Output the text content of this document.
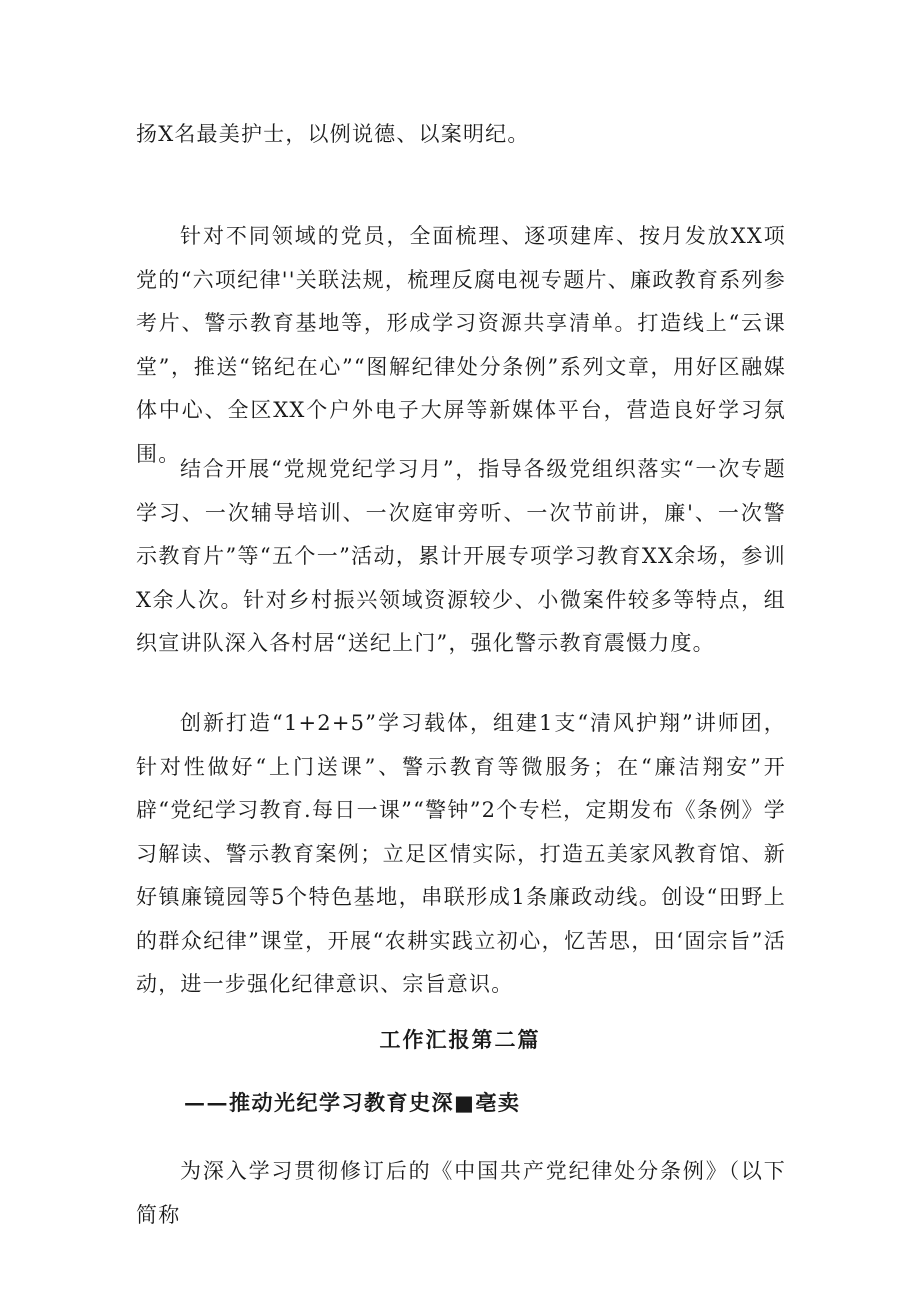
扬X名最美护士，以例说德、以案明纪。

针对不同领域的党员，全面梳理、逐项建库、按月发放XX项党的“六项纪律''关联法规，梳理反腐电视专题片、廉政教育系列参考片、警示教育基地等，形成学习资源共享清单。打造线上“云课堂”，推送“铭纪在心”“图解纪律处分条例”系列文章，用好区融媒体中心、全区XX个户外电子大屏等新媒体平台，营造良好学习氛围。

结合开展“党规党纪学习月”，指导各级党组织落实“一次专题学习、一次辅导培训、一次庭审旁听、一次节前讲，廉'、一次警示教育片”等“五个一”活动，累计开展专项学习教育XX余场，参训X余人次。针对乡村振兴领域资源较少、小微案件较多等特点，组织宣讲队深入各村居“送纪上门”，强化警示教育震慑力度。

创新打造“1+2+5”学习载体，组建1支“清风护翔”讲师团，针对性做好“上门送课”、警示教育等微服务；在“廉洁翔安”开辟“党纪学习教育.每日一课”“警钟”2个专栏，定期发布《条例》学习解读、警示教育案例；立足区情实际，打造五美家风教育馆、新好镇廉镜园等5个特色基地，串联形成1条廉政动线。创设“田野上的群众纪律”课堂，开展“农耕实践立初心，忆苦思，田‘固宗旨”活动，进一步强化纪律意识、宗旨意识。

工作汇报第二篇

——推动光纪学习教育史深■亳卖

为深入学习贯彻修订后的《中国共产党纪律处分条例》（以下简称
